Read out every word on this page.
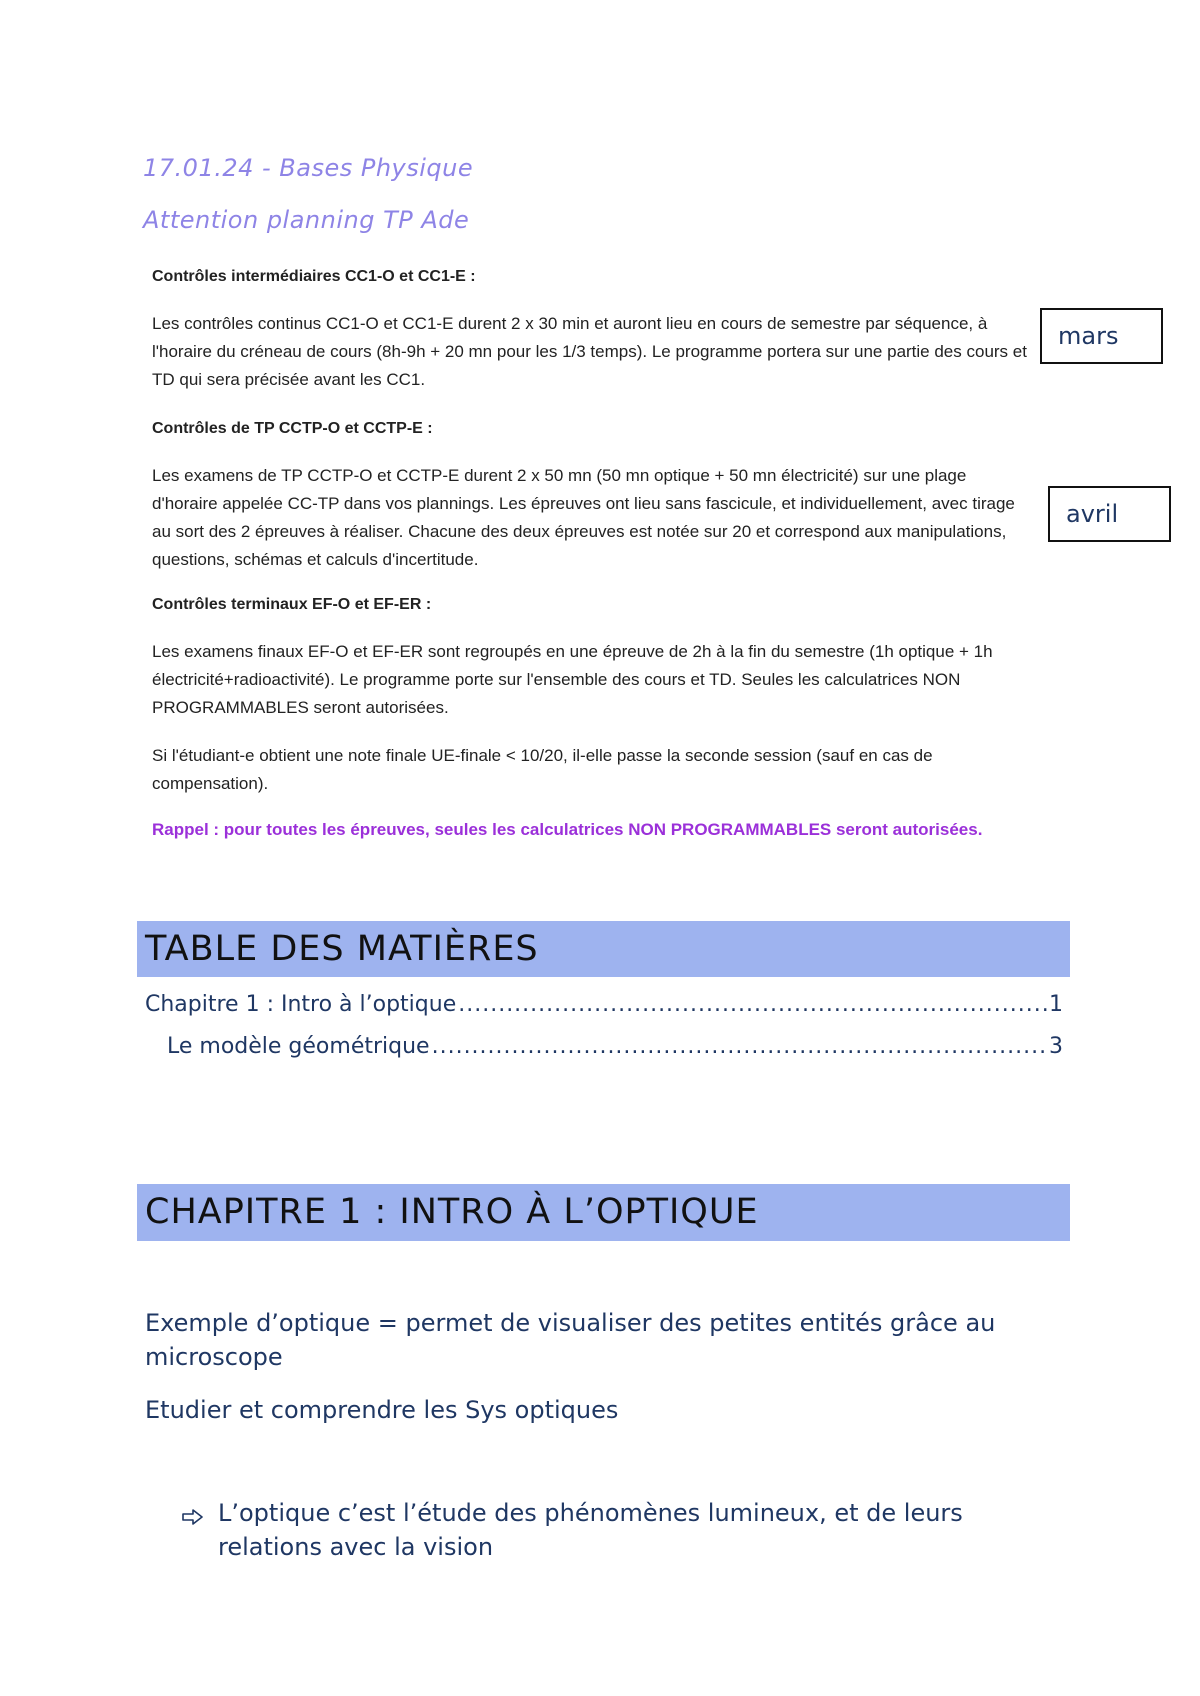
17.01.24 - Bases Physique
Attention planning TP Ade

Contrôles intermédiaires CC1-O et CC1-E :

Les contrôles continus CC1-O et CC1-E durent 2 x 30 min et auront lieu en cours de semestre par séquence, à l'horaire du créneau de cours (8h-9h + 20 mn pour les 1/3 temps). Le programme portera sur une partie des cours et TD qui sera précisée avant les CC1.

Contrôles de TP CCTP-O et CCTP-E :

Les examens de TP CCTP-O et CCTP-E durent 2 x 50 mn (50 mn optique + 50 mn électricité) sur une plage d'horaire appelée CC-TP dans vos plannings. Les épreuves ont lieu sans fascicule, et individuellement, avec tirage au sort des 2 épreuves à réaliser. Chacune des deux épreuves est notée sur 20 et correspond aux manipulations, questions, schémas et calculs d'incertitude.

Contrôles terminaux EF-O et EF-ER :

Les examens finaux EF-O et EF-ER sont regroupés en une épreuve de 2h à la fin du semestre (1h optique + 1h électricité+radioactivité). Le programme porte sur l'ensemble des cours et TD. Seules les calculatrices NON PROGRAMMABLES seront autorisées.

Si l'étudiant-e obtient une note finale UE-finale < 10/20, il-elle passe la seconde session (sauf en cas de compensation).

Rappel : pour toutes les épreuves, seules les calculatrices NON PROGRAMMABLES seront autorisées.

mars
avril
TABLE DES MATIÈRES
Chapitre 1 : Intro à l’optique .....	1
Le modèle géométrique .....	3
CHAPITRE 1 : INTRO À L’OPTIQUE
Exemple d’optique = permet de visualiser des petites entités grâce au microscope
Etudier et comprendre les Sys optiques
L’optique c’est l’étude des phénomènes lumineux, et de leurs relations avec la vision
